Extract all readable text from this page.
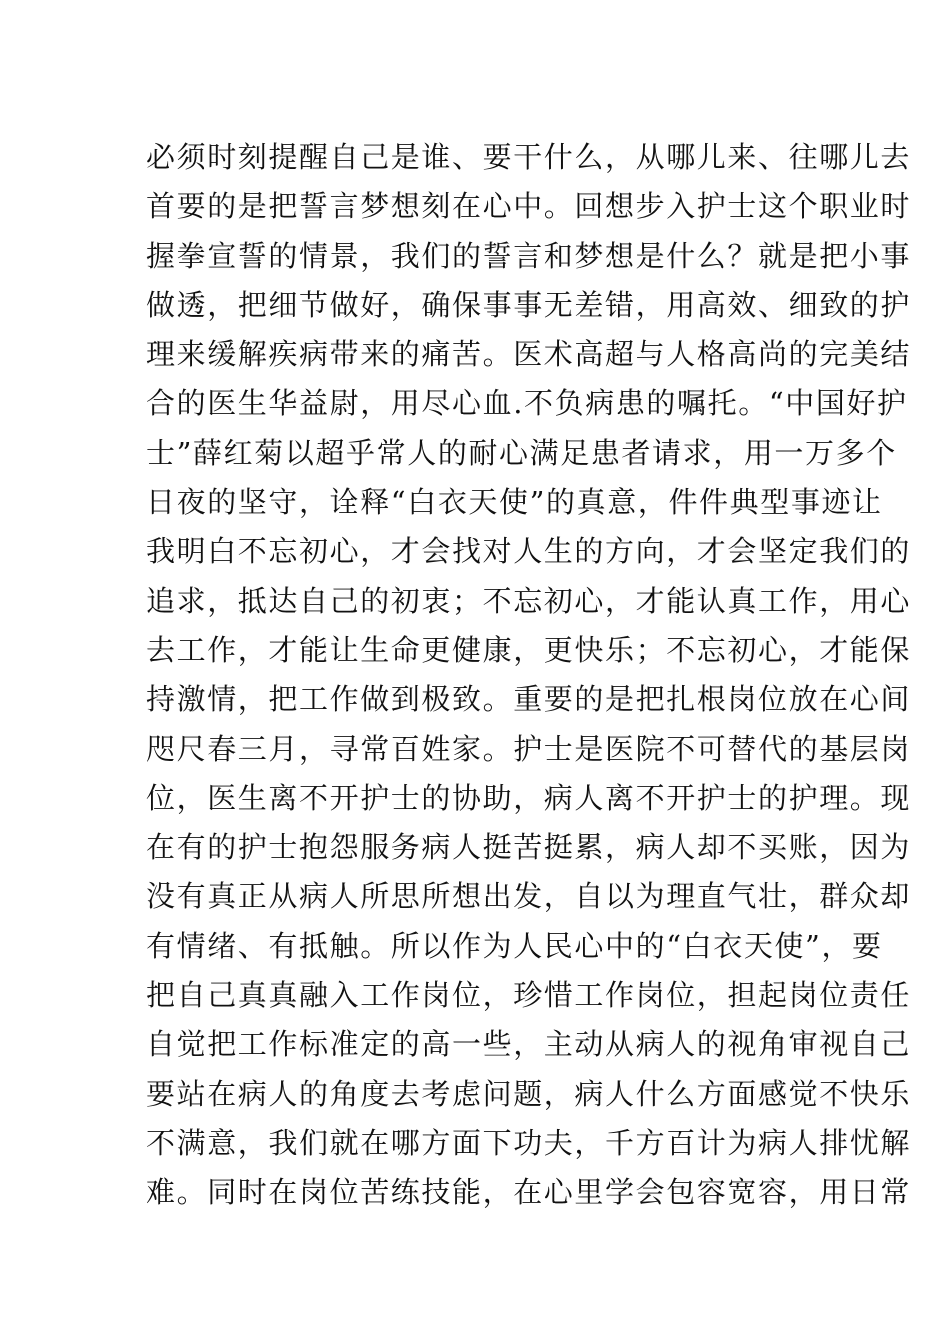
必须时刻提醒自己是谁、要干什么，从哪儿来、往哪儿去
首要的是把誓言梦想刻在心中。回想步入护士这个职业时
握拳宣誓的情景，我们的誓言和梦想是什么？就是把小事
做透，把细节做好，确保事事无差错，用高效、细致的护
理来缓解疾病带来的痛苦。医术高超与人格高尚的完美结
合的医生华益尉，用尽心血.不负病患的嘱托。“中国好护
士”薛红菊以超乎常人的耐心满足患者请求，用一万多个
日夜的坚守，诠释“白衣天使”的真意，件件典型事迹让
我明白不忘初心，才会找对人生的方向，才会坚定我们的
追求，抵达自己的初衷；不忘初心，才能认真工作，用心
去工作，才能让生命更健康，更快乐；不忘初心，才能保
持激情，把工作做到极致。重要的是把扎根岗位放在心间
咫尺春三月，寻常百姓家。护士是医院不可替代的基层岗
位，医生离不开护士的协助，病人离不开护士的护理。现
在有的护士抱怨服务病人挺苦挺累，病人却不买账，因为
没有真正从病人所思所想出发，自以为理直气壮，群众却
有情绪、有抵触。所以作为人民心中的“白衣天使”，要
把自己真真融入工作岗位，珍惜工作岗位，担起岗位责任
自觉把工作标准定的高一些，主动从病人的视角审视自己
要站在病人的角度去考虑问题，病人什么方面感觉不快乐
不满意，我们就在哪方面下功夫，千方百计为病人排忧解
难。同时在岗位苦练技能，在心里学会包容宽容，用日常
